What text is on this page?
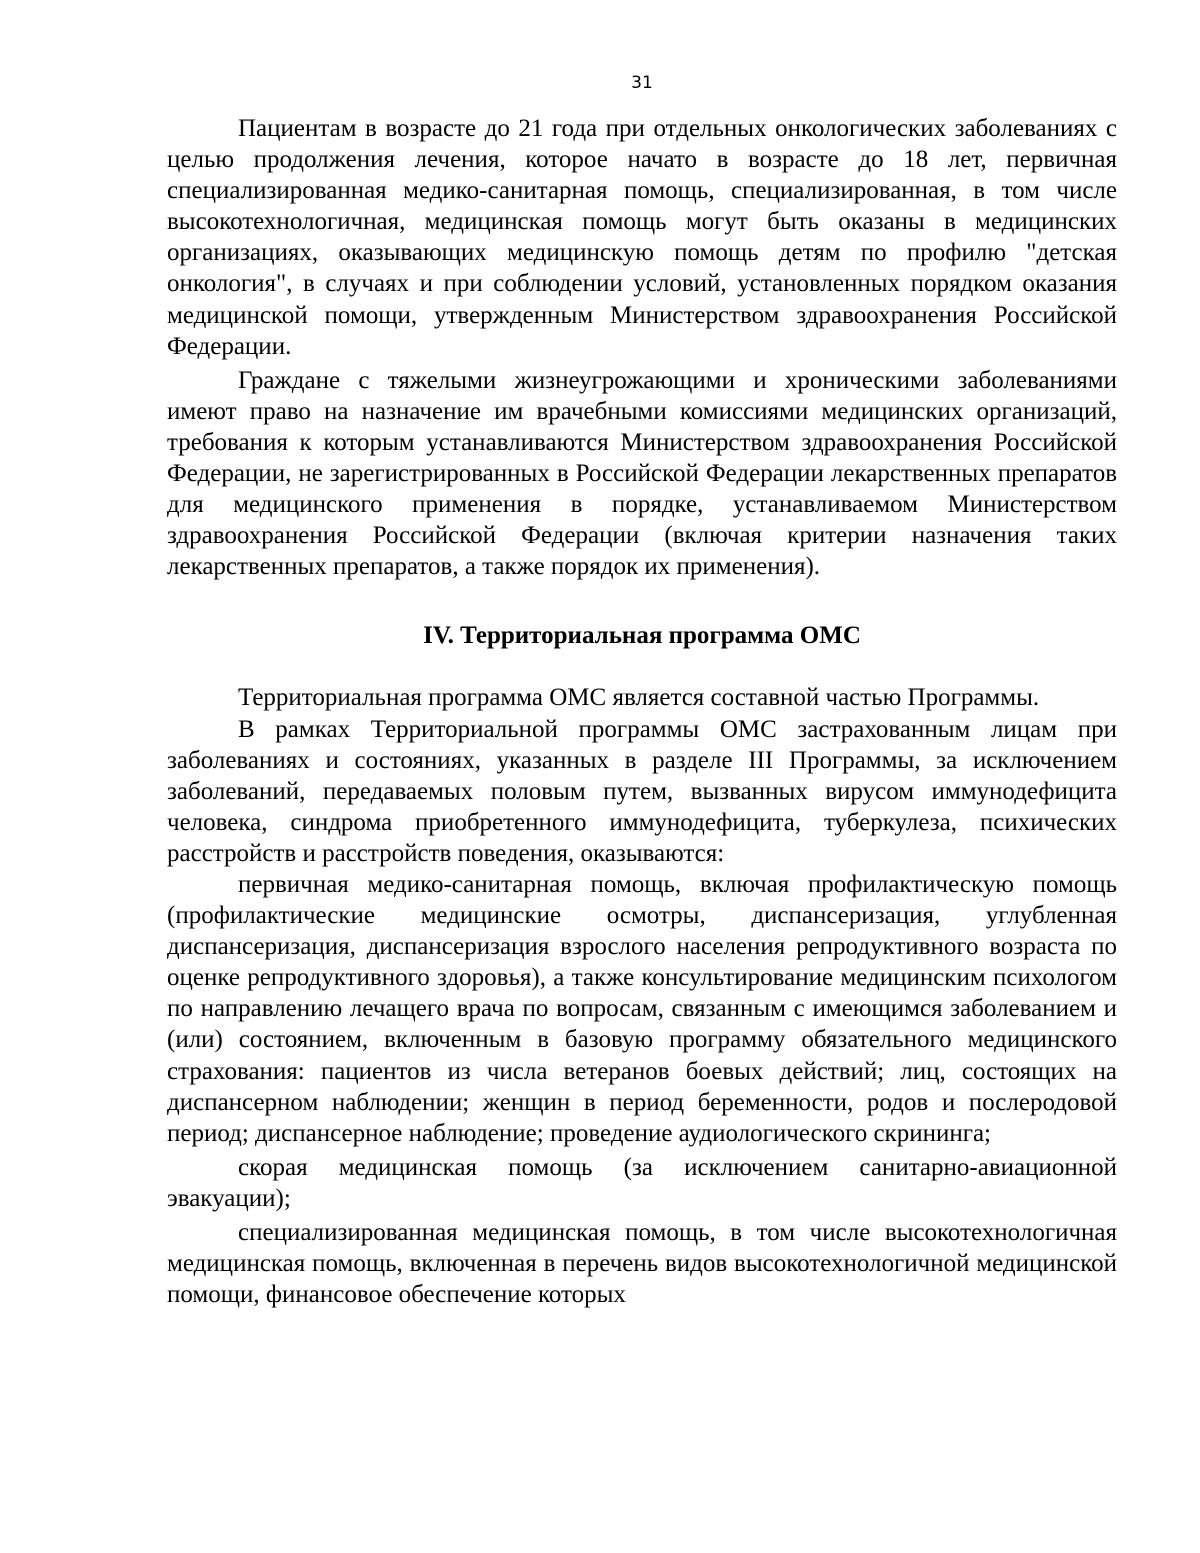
31

Пациентам в возрасте до 21 года при отдельных онкологических заболеваниях с целью продолжения лечения, которое начато в возрасте до 18 лет, первичная специализированная медико-санитарная помощь, специализированная, в том числе высокотехнологичная, медицинская помощь могут быть оказаны в медицинских организациях, оказывающих медицинскую помощь детям по профилю "детская онкология", в случаях и при соблюдении условий, установленных порядком оказания медицинской помощи, утвержденным Министерством здравоохранения Российской Федерации.

Граждане с тяжелыми жизнеугрожающими и хроническими заболеваниями имеют право на назначение им врачебными комиссиями медицинских организаций, требования к которым устанавливаются Министерством здравоохранения Российской Федерации, не зарегистрированных в Российской Федерации лекарственных препаратов для медицинского применения в порядке, устанавливаемом Министерством здравоохранения Российской Федерации (включая критерии назначения таких лекарственных препаратов, а также порядок их применения).

IV. Территориальная программа ОМС

Территориальная программа ОМС является составной частью Программы.

В рамках Территориальной программы ОМС застрахованным лицам при заболеваниях и состояниях, указанных в разделе III Программы, за исключением заболеваний, передаваемых половым путем, вызванных вирусом иммунодефицита человека, синдрома приобретенного иммунодефицита, туберкулеза, психических расстройств и расстройств поведения, оказываются:

первичная медико-санитарная помощь, включая профилактическую помощь (профилактические медицинские осмотры, диспансеризация, углубленная диспансеризация, диспансеризация взрослого населения репродуктивного возраста по оценке репродуктивного здоровья), а также консультирование медицинским психологом по направлению лечащего врача по вопросам, связанным с имеющимся заболеванием и (или) состоянием, включенным в базовую программу обязательного медицинского страхования: пациентов из числа ветеранов боевых действий; лиц, состоящих на диспансерном наблюдении; женщин в период беременности, родов и послеродовой период; диспансерное наблюдение; проведение аудиологического скрининга;

скорая медицинская помощь (за исключением санитарно-авиационной эвакуации);

специализированная медицинская помощь, в том числе высокотехнологичная медицинская помощь, включенная в перечень видов высокотехнологичной медицинской помощи, финансовое обеспечение которых
